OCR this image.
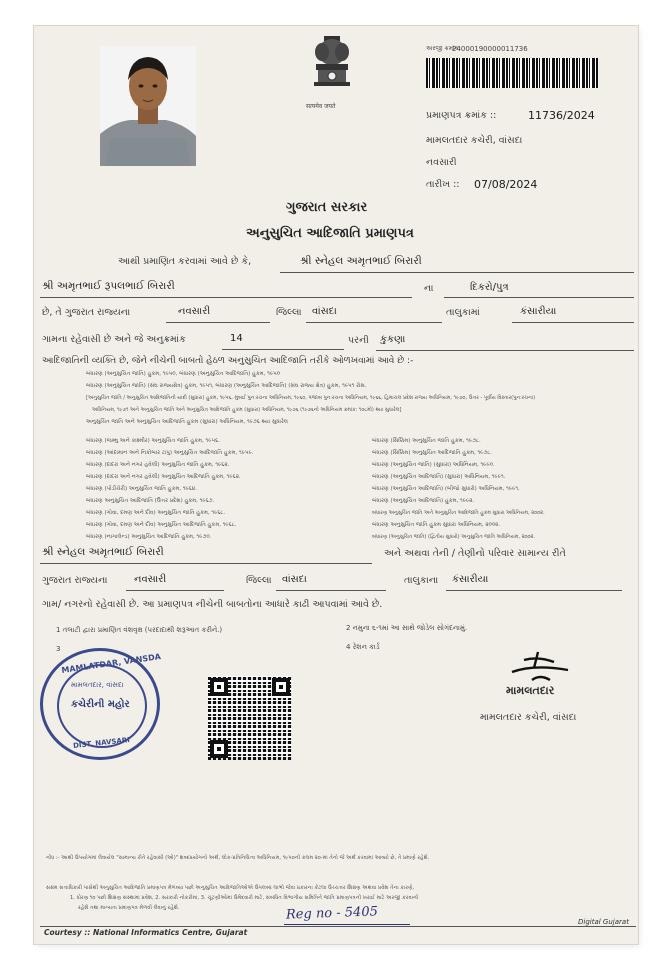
सत्यमेव जयते
અરજી ક્રમાંક
24000190000011736
પ્રમાણપત્ર ક્રમાંક ::	11736/2024
મામલતદાર કચેરી, વાંસદા
નવસારી
તારીખ :: 07/08/2024
ગુજરાત સરકાર
અનુસુચિત આદિજાતિ પ્રમાણપત્ર
આથી પ્રમાણિત કરવામાં આવે છે કે,	શ્રી સ્નેહલ અમૃતભાઈ બિરારી
શ્રી અમૃતભાઈ રૂપલભાઈ બિરારી	ના	દિકરો/પુત્ર
છે, તે ગુજરાત રાજ્યના	નવસારી	જિલ્લા વાંસદા	તાલુકામાં	કંસારીયા
ગામના રહેવાસી છે અને જે અનુક્રમાંક	14	પરની કુકણા
આદિજાતિની વ્યક્તિ છે, જેને નીચેની બાબતો હેઠળ અનુસુચિત આદિજાતિ તરીકે ઓળખવામાં આવે છે :-
બંધારણ (અનુસુચિત જાતિ) હુકમ, ૧૯૫૦, બંધારણ (અનુસુચિત આદિજાતિ) હુકમ, ૧૯૫૦
બંધારણ (અનુસુચિત જાતિ) (સંઘ રાજ્યક્ષેત્ર) હુકમ, ૧૯૫૧, બંધારણ (અનુસુચિત આદિજાતિ) (સંઘ રાજ્ય ક્ષેત્ર) હુકમ, ૧૯૫૧ રોસ.
[અનુસુચિત જાતિ / અનુસુચિત આદિજાતિની યાદી (સુધારા) હુકમ, ૧૯૫૬, મુંબઈ પુનઃરચના અધિનિયમ, ૧૯૬૦, પંજાબ પુનઃરચના અધિનિયમ, ૧૯૬૬, હિમાચલ પ્રદેશ રાજ્ય અધિનિયમ, ૧૯૭૦, ઉત્તર - પૂર્વીય વિસ્તાર(પુનઃરચના)
અધિનિયમ, ૧૯૭૧ અને અનુસુચિત જાતિ અને અનુસુચિત આદિજાતિ હુકમ (સુધારા) અધિનિયમ, ૧૯૭૬ (૧૯૭૬નો અધિનિયમ ક્રમાંક: ૧૦૮મો) થ્યા સુધારેલ]
અનુસુચિત જાતિ અને અનુસુચિત આદિજાતિ હુકમ (સુધારા) અધિનિયમ, ૧૯૭૬ થ્યા સુધારેલ
બંધારણ (જમ્મુ અને કાશ્મીર) અનુસુચિત જાતિ હુકમ, ૧૯૫૬.
બંધારણ (આંદામાન અને નિકોબાર ટાપુ) અનુસુચિત આદિજાતિ હુકમ, ૧૯૫૯.
બંધારણ (દાદરા અને નગર હવેલી) અનુસુચિત જાતિ હુકમ, ૧૯૬૨.
બંધારણ (દાદરા અને નગર હવેલી) અનુસુચિત આદિજાતિ હુકમ, ૧૯૬૨.
બંધારણ (પોંડીચેરી) અનુસુચિત જાતિ હુકમ, ૧૯૬૪.
બંધારણ અનુસુચિત આદિજાતિ (ઉત્તર પ્રદેશ) હુકમ, ૧૯૬૭.
બંધારણ (ગોવા, દમણ અને દીવ) અનુસુચિત જાતિ હુકમ, ૧૯૬૮.
બંધારણ (ગોવા, દમણ અને દીવ) અનુસુચિત આદિજાતિ હુકમ, ૧૯૬૮.
બંધારણ (નાગાલેન્ડ) અનુસુચિત આદિજાતિ હુકમ, ૧૯૭૦.
બંધારણ (સિક્કિમ) અનુસુચિત જાતિ હુકમ, ૧૯૭૮.
બંધારણ (સિક્કિમ) અનુસુચિત આદિજાતિ હુકમ, ૧૯૭૮.
બંધારણ (અનુસુચિત જાતિ) (સુધારા) અધિનિયમ, ૧૯૯૦.
બંધારણ (અનુસુચિત આદિજાતિ) (સુધારા) અધિનિયમ, ૧૯૯૧.
બંધારણ (અનુસુચિત આદિજાતિ) (બીજો સુધારો) અધિનિયમ, ૧૯૯૧.
બંધારણ (અનુસુચિત આદિજાતિ) હુકમ, ૧૯૯૨.
બંધારણ અનુસુચિત જાતિ અને અનુસુચિત આદિજાતિ હુકમ સુધારા અધિનિયમ, ૨૦૦૨.
બંધારણ અનુસુચિત જાતિ હુકમ સુધારા અધિનિયમ, ૨૦૦૨.
બંધારણ (અનુસુચિત જાતિ) (દ્વિતીય સુધારો) અનુસુચિત જાતિ અધિનિયમ, ૨૦૦૨.
શ્રી સ્નેહલ અમૃતભાઈ બિરારી	અને અથવા તેની / તેણીનો પરિવાર સામાન્ય રીતે
ગુજરાત રાજ્યના	નવસારી	જિલ્લા વાંસદા	તાલુકાના કંસારીયા
ગામ/ નગરનો રહેવાસી છે. આ પ્રમાણપત્ર નીચેની બાબતોના આધારે કાઢી આપવામાં આવે છે.
1 તલાટી દ્વારા પ્રમાણિત વંશવૃક્ષ (પરદાદાથી શરૂઆત કરીને.)	2 નમુના ૬-૧માં આ સાથે જોડેલ સોગંદનામું.
3	4 રેશન કાર્ડ
MAMLATDAR, VANSDA
મામલતદાર, વાંસદા
કચેરીની મહોર
DIST. NAVSARI
મામલતદાર
મામલતદાર કચેરી, વાંસદા
નોંધ :- આથી ઉપયોગમાં લેવાયેલ "સામાન્ય રીતે રહેવાસી (ઓ)" શબ્દપ્રયોગનો અર્થ, લોક-પ્રતિનિધિત્વ અધિનિયમ, ૧૯૫૦ની કલમ ૨૦-માં તેનો જે અર્થ કરવામાં આવ્યો છે, તે પ્રમાણે રહેશે.
સક્ષમ સત્તાધિકારી પાસેથી અનુસુચિત આદિજાતિ પ્રમાણપત્ર મેળવ્યા પછી અનુસુચિત આદિજાતિઓએ ઉપલબ્ધ લાભો જેવા પ્રકારના કેટલા ઉચ્ચત્તર શિક્ષણ અથવા પ્રવેશ તેના કારણે,
1. ધોરણ ૧૦ પછી શિક્ષણ સંસ્થામાં પ્રવેશ, 2. સરકારી નોકરીમાં, 3. ચૂંટણીઓમાં ઉમેદવારી માટે, સંબંધિત વિભાગીય સમિતિને જાતિ પ્રમાણપત્રની ખરાઈ માટે અરજી કરવાની
રહેશે તથા માન્યતા પ્રમાણપત્ર મેળવી લેવાનું રહેશે.	Reg no - 5405
Courtesy :: National Informatics Centre, Gujarat
Digital Gujarat
